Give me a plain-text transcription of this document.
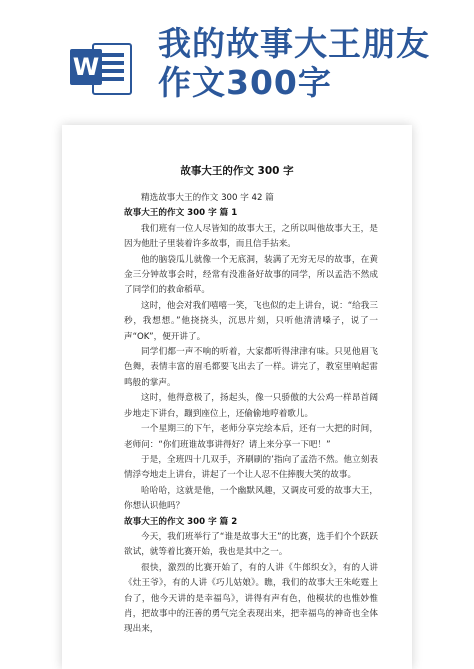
W
我的故事大王朋友
作文300字
故事大王的作文 300 字

精选故事大王的作文 300 字 42 篇

故事大王的作文 300 字 篇 1

我们班有一位人尽皆知的故事大王，之所以叫他故事大王，是因为他肚子里装着许多故事，而且信手拈来。

他的脑袋瓜儿就像一个无底洞，装满了无穷无尽的故事，在黄金三分钟故事会时，经常有没准备好故事的同学，所以孟浩不然成了同学们的救命稻草。

这时，他会对我们嘻嘻一笑，飞也似的走上讲台，说：“给我三秒，我想想。”他挠挠头，沉思片刻，只听他清清嗓子，说了一声“OK”，便开讲了。

同学们都一声不响的听着，大家都听得津津有味。只见他眉飞色舞，表情丰富的眉毛都要飞出去了一样。讲完了，教室里响起雷鸣般的掌声。

这时，他得意极了，扬起头，像一只骄傲的大公鸡一样昂首阔步地走下讲台，蹦到座位上，还偷偷地哼着歌儿。

一个星期三的下午，老师分享完绘本后，还有一大把的时间，老师问：“你们班谁故事讲得好？请上来分享一下吧！”

于是，全班四十几双手，齐刷刷的’指向了孟浩不然。他立刻表情浮夸地走上讲台，讲起了一个让人忍不住捧腹大笑的故事。

哈哈哈，这就是他，一个幽默风趣，又调皮可爱的故事大王，你想认识他吗？

故事大王的作文 300 字 篇 2

今天，我们班举行了“谁是故事大王”的比赛，选手们个个跃跃欲试，就等着比赛开始，我也是其中之一。

很快，激烈的比赛开始了，有的人讲《牛郎织女》，有的人讲《灶王爷》，有的人讲《巧儿姑娘》。瞧，我们的故事大王朱屹霆上台了，他今天讲的是幸福鸟》，讲得有声有色，他模状的也惟妙惟肖，把故事中的汪善的勇气完全表现出来，把幸福鸟的神奇也全体现出来，
